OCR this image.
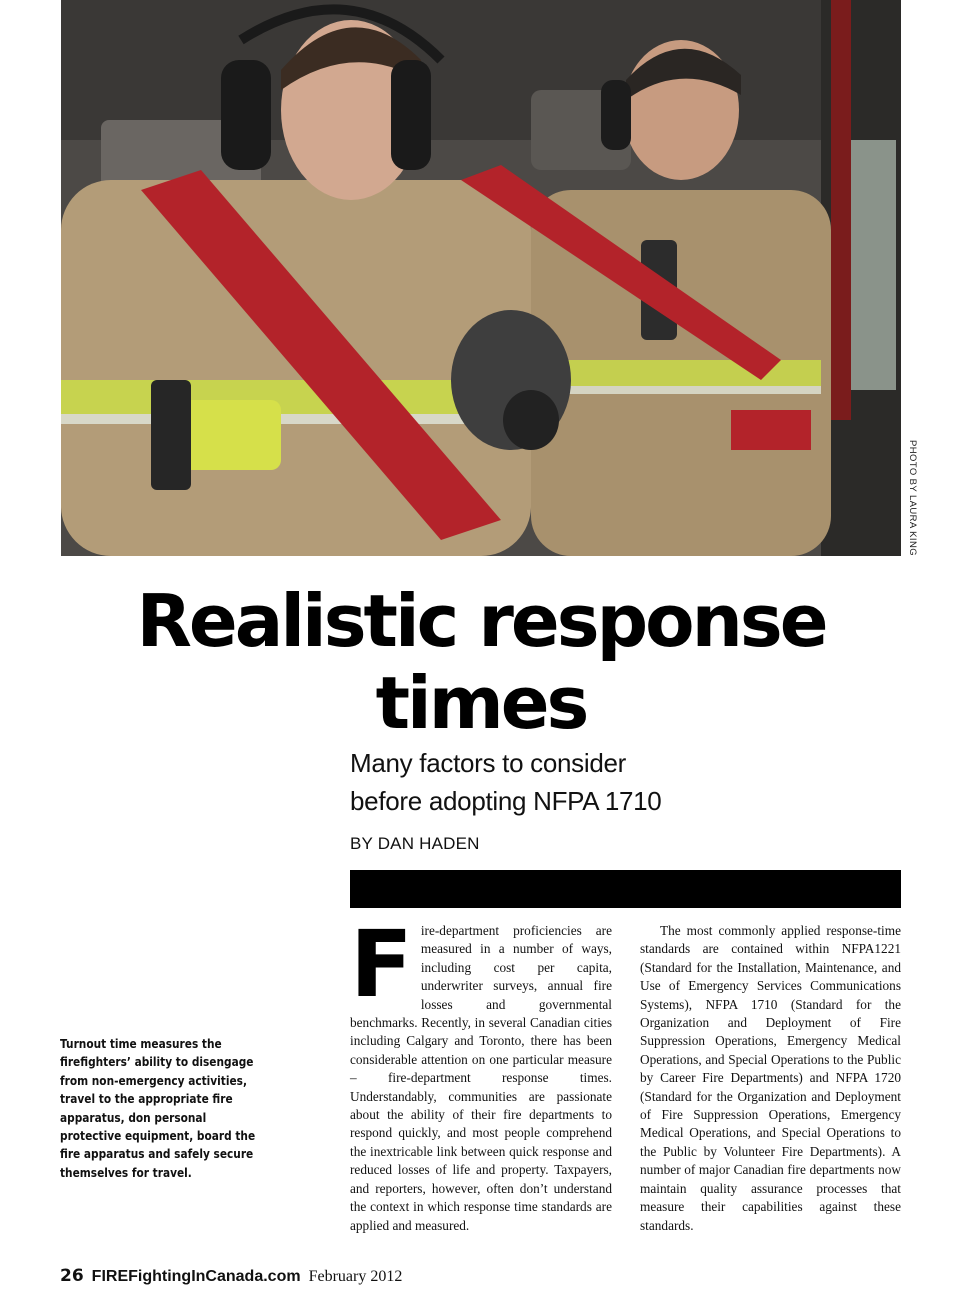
PHOTO BY LAURA KING
Realistic response
times
Many factors to consider
before adopting NFPA 1710
BY DAN HADEN
Turnout time measures the firefighters’ ability to disengage from non-emergency activities, travel to the appropriate fire apparatus, don personal protective equipment, board the fire apparatus and safely secure themselves for travel.

Fire-department proficiencies are measured in a number of ways, including cost per capita, underwriter surveys, annual fire losses and governmental benchmarks. Recently, in several Canadian cities including Calgary and Toronto, there has been considerable attention on one particular measure – fire-department response times. Understandably, communities are passionate about the ability of their fire departments to respond quickly, and most people comprehend the inextricable link between quick response and reduced losses of life and property. Taxpayers, and reporters, however, often don’t understand the context in which response time standards are applied and measured.

The most commonly applied response-time standards are contained within NFPA1221 (Standard for the Installation, Maintenance, and Use of Emergency Services Communications Systems), NFPA 1710 (Standard for the Organization and Deployment of Fire Suppression Operations, Emergency Medical Operations, and Special Operations to the Public by Career Fire Departments) and NFPA 1720 (Standard for the Organization and Deployment of Fire Suppression Operations, Emergency Medical Operations, and Special Operations to the Public by Volunteer Fire Departments). A number of major Canadian fire departments now maintain quality assurance processes that measure their capabilities against these standards.

26 FIREFightingInCanada.com February 2012
